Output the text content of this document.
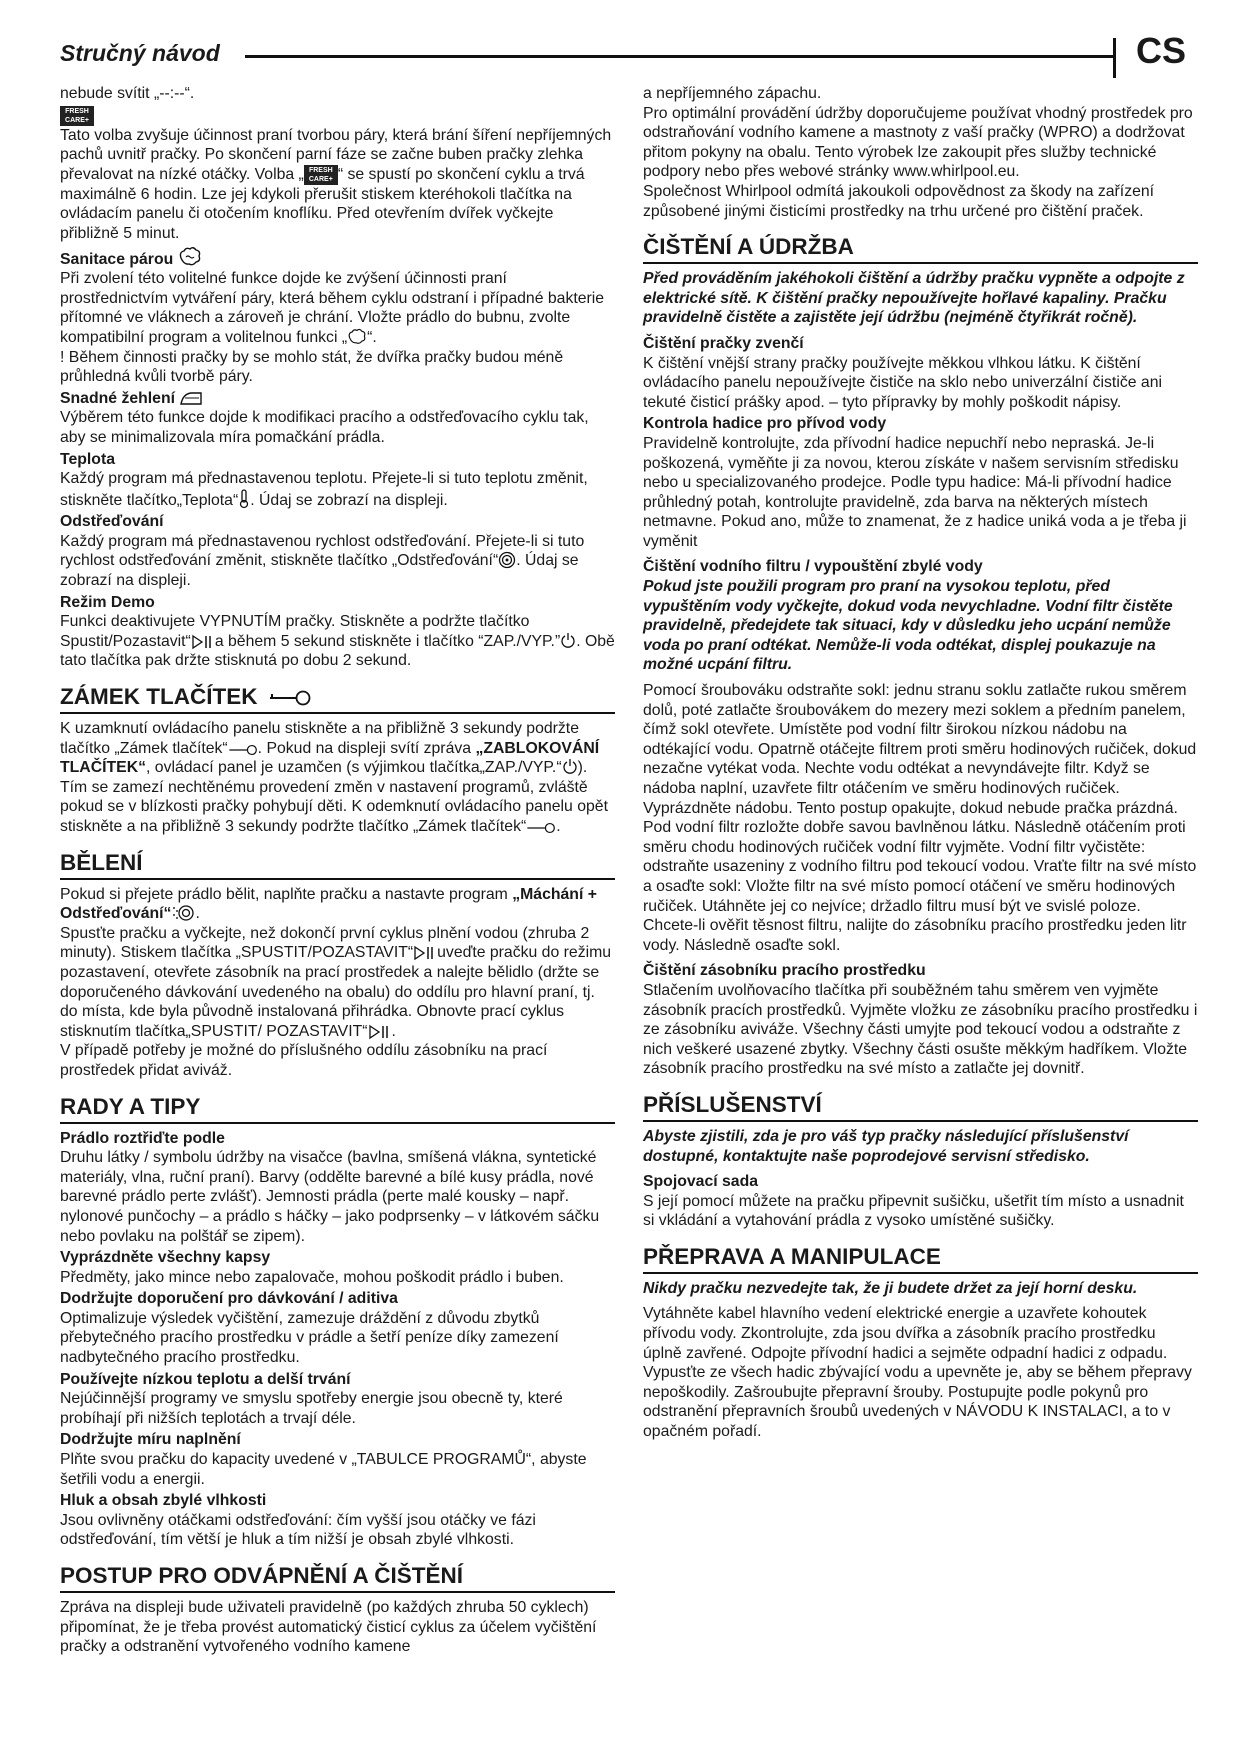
Stručný návod	CS

nebude svítit „--:--“.

FRESH
CARE+

Tato volba zvyšuje účinnost praní tvorbou páry, která brání šíření nepříjemných pachů uvnitř pračky. Po skončení parní fáze se začne buben pračky zlehka převalovat na nízké otáčky. Volba „ FRESH
CARE+ “ se spustí po skončení cyklu a trvá maximálně 6 hodin. Lze jej kdykoli přerušit stiskem kteréhokoli tlačítka na ovládacím panelu či otočením knoflíku. Před otevřením dvířek vyčkejte přibližně 5 minut.

Sanitace párou

Při zvolení této volitelné funkce dojde ke zvýšení účinnosti praní prostřednictvím vytváření páry, která během cyklu odstraní i případné bakterie přítomné ve vláknech a zároveň je chrání. Vložte prádlo do bubnu, zvolte kompatibilní program a volitelnou funkci „ “.

! Během činnosti pračky by se mohlo stát, že dvířka pračky budou méně průhledná kvůli tvorbě páry.

Snadné žehlení

Výběrem této funkce dojde k modifikaci pracího a odstřeďovacího cyklu tak, aby se minimalizovala míra pomačkání prádla.

Teplota

Každý program má přednastavenou teplotu. Přejete-li si tuto teplotu změnit, stiskněte tlačítko„Teplota“ . Údaj se zobrazí na displeji.

Odstřeďování

Každý program má přednastavenou rychlost odstřeďování. Přejete-li si tuto rychlost odstřeďování změnit, stiskněte tlačítko „Odstřeďování“ . Údaj se zobrazí na displeji.

Režim Demo

Funkci deaktivujete VYPNUTÍM pračky. Stiskněte a podržte tlačítko Spustit/Pozastavit“ a během 5 sekund stiskněte i tlačítko “ZAP./VYP.” . Obě tato tlačítka pak držte stisknutá po dobu 2 sekund.

ZÁMEK TLAČÍTEK

K uzamknutí ovládacího panelu stiskněte a na přibližně 3 sekundy podržte tlačítko „Zámek tlačítek“ . Pokud na displeji svítí zpráva „ZABLOKOVÁNÍ TLAČÍTEK“, ovládací panel je uzamčen (s výjimkou tlačítka„ZAP./VYP.“ ). Tím se zamezí nechtěnému provedení změn v nastavení programů, zvláště pokud se v blízkosti pračky pohybují děti. K odemknutí ovládacího panelu opět stiskněte a na přibližně 3 sekundy podržte tlačítko „Zámek tlačítek“ .

BĚLENÍ

Pokud si přejete prádlo bělit, naplňte pračku a nastavte program „Máchání + Odstřeďování“ .

Spusťte pračku a vyčkejte, než dokončí první cyklus plnění vodou (zhruba 2 minuty). Stiskem tlačítka „SPUSTIT/POZASTAVIT“ uveďte pračku do režimu pozastavení, otevřete zásobník na prací prostředek a nalejte bělidlo (držte se doporučeného dávkování uvedeného na obalu) do oddílu pro hlavní praní, tj. do místa, kde byla původně instalovaná přihrádka. Obnovte prací cyklus stisknutím tlačítka„SPUSTIT/ POZASTAVIT“ .

V případě potřeby je možné do příslušného oddílu zásobníku na prací prostředek přidat aviváž.

RADY A TIPY

Prádlo roztřiďte podle

Druhu látky / symbolu údržby na visačce (bavlna, smíšená vlákna, syntetické materiály, vlna, ruční praní). Barvy (oddělte barevné a bílé kusy prádla, nové barevné prádlo perte zvlášť). Jemnosti prádla (perte malé kousky – např. nylonové punčochy – a prádlo s háčky – jako podprsenky – v látkovém sáčku nebo povlaku na polštář se zipem).

Vyprázdněte všechny kapsy

Předměty, jako mince nebo zapalovače, mohou poškodit prádlo i buben.

Dodržujte doporučení pro dávkování / aditiva

Optimalizuje výsledek vyčištění, zamezuje dráždění z důvodu zbytků přebytečného pracího prostředku v prádle a šetří peníze díky zamezení nadbytečného pracího prostředku.

Používejte nízkou teplotu a delší trvání

Nejúčinnější programy ve smyslu spotřeby energie jsou obecně ty, které probíhají při nižších teplotách a trvají déle.

Dodržujte míru naplnění

Plňte svou pračku do kapacity uvedené v „TABULCE PROGRAMŮ“, abyste šetřili vodu a energii.

Hluk a obsah zbylé vlhkosti

Jsou ovlivněny otáčkami odstřeďování: čím vyšší jsou otáčky ve fázi odstřeďování, tím větší je hluk a tím nižší je obsah zbylé vlhkosti.

POSTUP PRO ODVÁPNĚNÍ A ČIŠTĚNÍ

Zpráva na displeji bude uživateli pravidelně (po každých zhruba 50 cyklech) připomínat, že je třeba provést automatický čisticí cyklus za účelem vyčištění pračky a odstranění vytvořeného vodního kamene

a nepříjemného zápachu.

Pro optimální provádění údržby doporučujeme používat vhodný prostředek pro odstraňování vodního kamene a mastnoty z vaší pračky (WPRO) a dodržovat přitom pokyny na obalu. Tento výrobek lze zakoupit přes služby technické podpory nebo přes webové stránky www.whirlpool.eu.

Společnost Whirlpool odmítá jakoukoli odpovědnost za škody na zařízení způsobené jinými čisticími prostředky na trhu určené pro čištění praček.

ČIŠTĚNÍ A ÚDRŽBA

Před prováděním jakéhokoli čištění a údržby pračku vypněte a odpojte z elektrické sítě. K čištění pračky nepoužívejte hořlavé kapaliny. Pračku pravidelně čistěte a zajistěte její údržbu (nejméně čtyřikrát ročně).

Čištění pračky zvenčí

K čištění vnější strany pračky používejte měkkou vlhkou látku. K čištění ovládacího panelu nepoužívejte čističe na sklo nebo univerzální čističe ani tekuté čisticí prášky apod. – tyto přípravky by mohly poškodit nápisy.

Kontrola hadice pro přívod vody

Pravidelně kontrolujte, zda přívodní hadice nepuchří nebo nepraská. Je-li poškozená, vyměňte ji za novou, kterou získáte v našem servisním středisku nebo u specializovaného prodejce. Podle typu hadice: Má-li přívodní hadice průhledný potah, kontrolujte pravidelně, zda barva na některých místech netmavne. Pokud ano, může to znamenat, že z hadice uniká voda a je třeba ji vyměnit

Čištění vodního filtru / vypouštění zbylé vody

Pokud jste použili program pro praní na vysokou teplotu, před vypuštěním vody vyčkejte, dokud voda nevychladne. Vodní filtr čistěte pravidelně, předejdete tak situaci, kdy v důsledku jeho ucpání nemůže voda po praní odtékat. Nemůže-li voda odtékat, displej poukazuje na možné ucpání filtru.

Pomocí šroubováku odstraňte sokl: jednu stranu soklu zatlačte rukou směrem dolů, poté zatlačte šroubovákem do mezery mezi soklem a předním panelem, čímž sokl otevřete. Umístěte pod vodní filtr širokou nízkou nádobu na odtékající vodu. Opatrně otáčejte filtrem proti směru hodinových ručiček, dokud nezačne vytékat voda. Nechte vodu odtékat a nevyndávejte filtr. Když se nádoba naplní, uzavřete filtr otáčením ve směru hodinových ručiček. Vyprázdněte nádobu. Tento postup opakujte, dokud nebude pračka prázdná. Pod vodní filtr rozložte dobře savou bavlněnou látku. Následně otáčením proti směru chodu hodinových ručiček vodní filtr vyjměte. Vodní filtr vyčistěte: odstraňte usazeniny z vodního filtru pod tekoucí vodou. Vraťte filtr na své místo a osaďte sokl: Vložte filtr na své místo pomocí otáčení ve směru hodinových ručiček. Utáhněte jej co nejvíce; držadlo filtru musí být ve svislé poloze. Chcete-li ověřit těsnost filtru, nalijte do zásobníku pracího prostředku jeden litr vody. Následně osaďte sokl.

Čištění zásobníku pracího prostředku

Stlačením uvolňovacího tlačítka při souběžném tahu směrem ven vyjměte zásobník pracích prostředků. Vyjměte vložku ze zásobníku pracího prostředku i ze zásobníku aviváže. Všechny části umyjte pod tekoucí vodou a odstraňte z nich veškeré usazené zbytky. Všechny části osušte měkkým hadříkem. Vložte zásobník pracího prostředku na své místo a zatlačte jej dovnitř.

PŘÍSLUŠENSTVÍ

Abyste zjistili, zda je pro váš typ pračky následující příslušenství dostupné, kontaktujte naše poprodejové servisní středisko.

Spojovací sada

S její pomocí můžete na pračku připevnit sušičku, ušetřit tím místo a usnadnit si vkládání a vytahování prádla z vysoko umístěné sušičky.

PŘEPRAVA A MANIPULACE

Nikdy pračku nezvedejte tak, že ji budete držet za její horní desku.

Vytáhněte kabel hlavního vedení elektrické energie a uzavřete kohoutek přívodu vody. Zkontrolujte, zda jsou dvířka a zásobník pracího prostředku úplně zavřené. Odpojte přívodní hadici a sejměte odpadní hadici z odpadu. Vypusťte ze všech hadic zbývající vodu a upevněte je, aby se během přepravy nepoškodily. Zašroubujte přepravní šrouby. Postupujte podle pokynů pro odstranění přepravních šroubů uvedených v NÁVODU K INSTALACI, a to v opačném pořadí.
